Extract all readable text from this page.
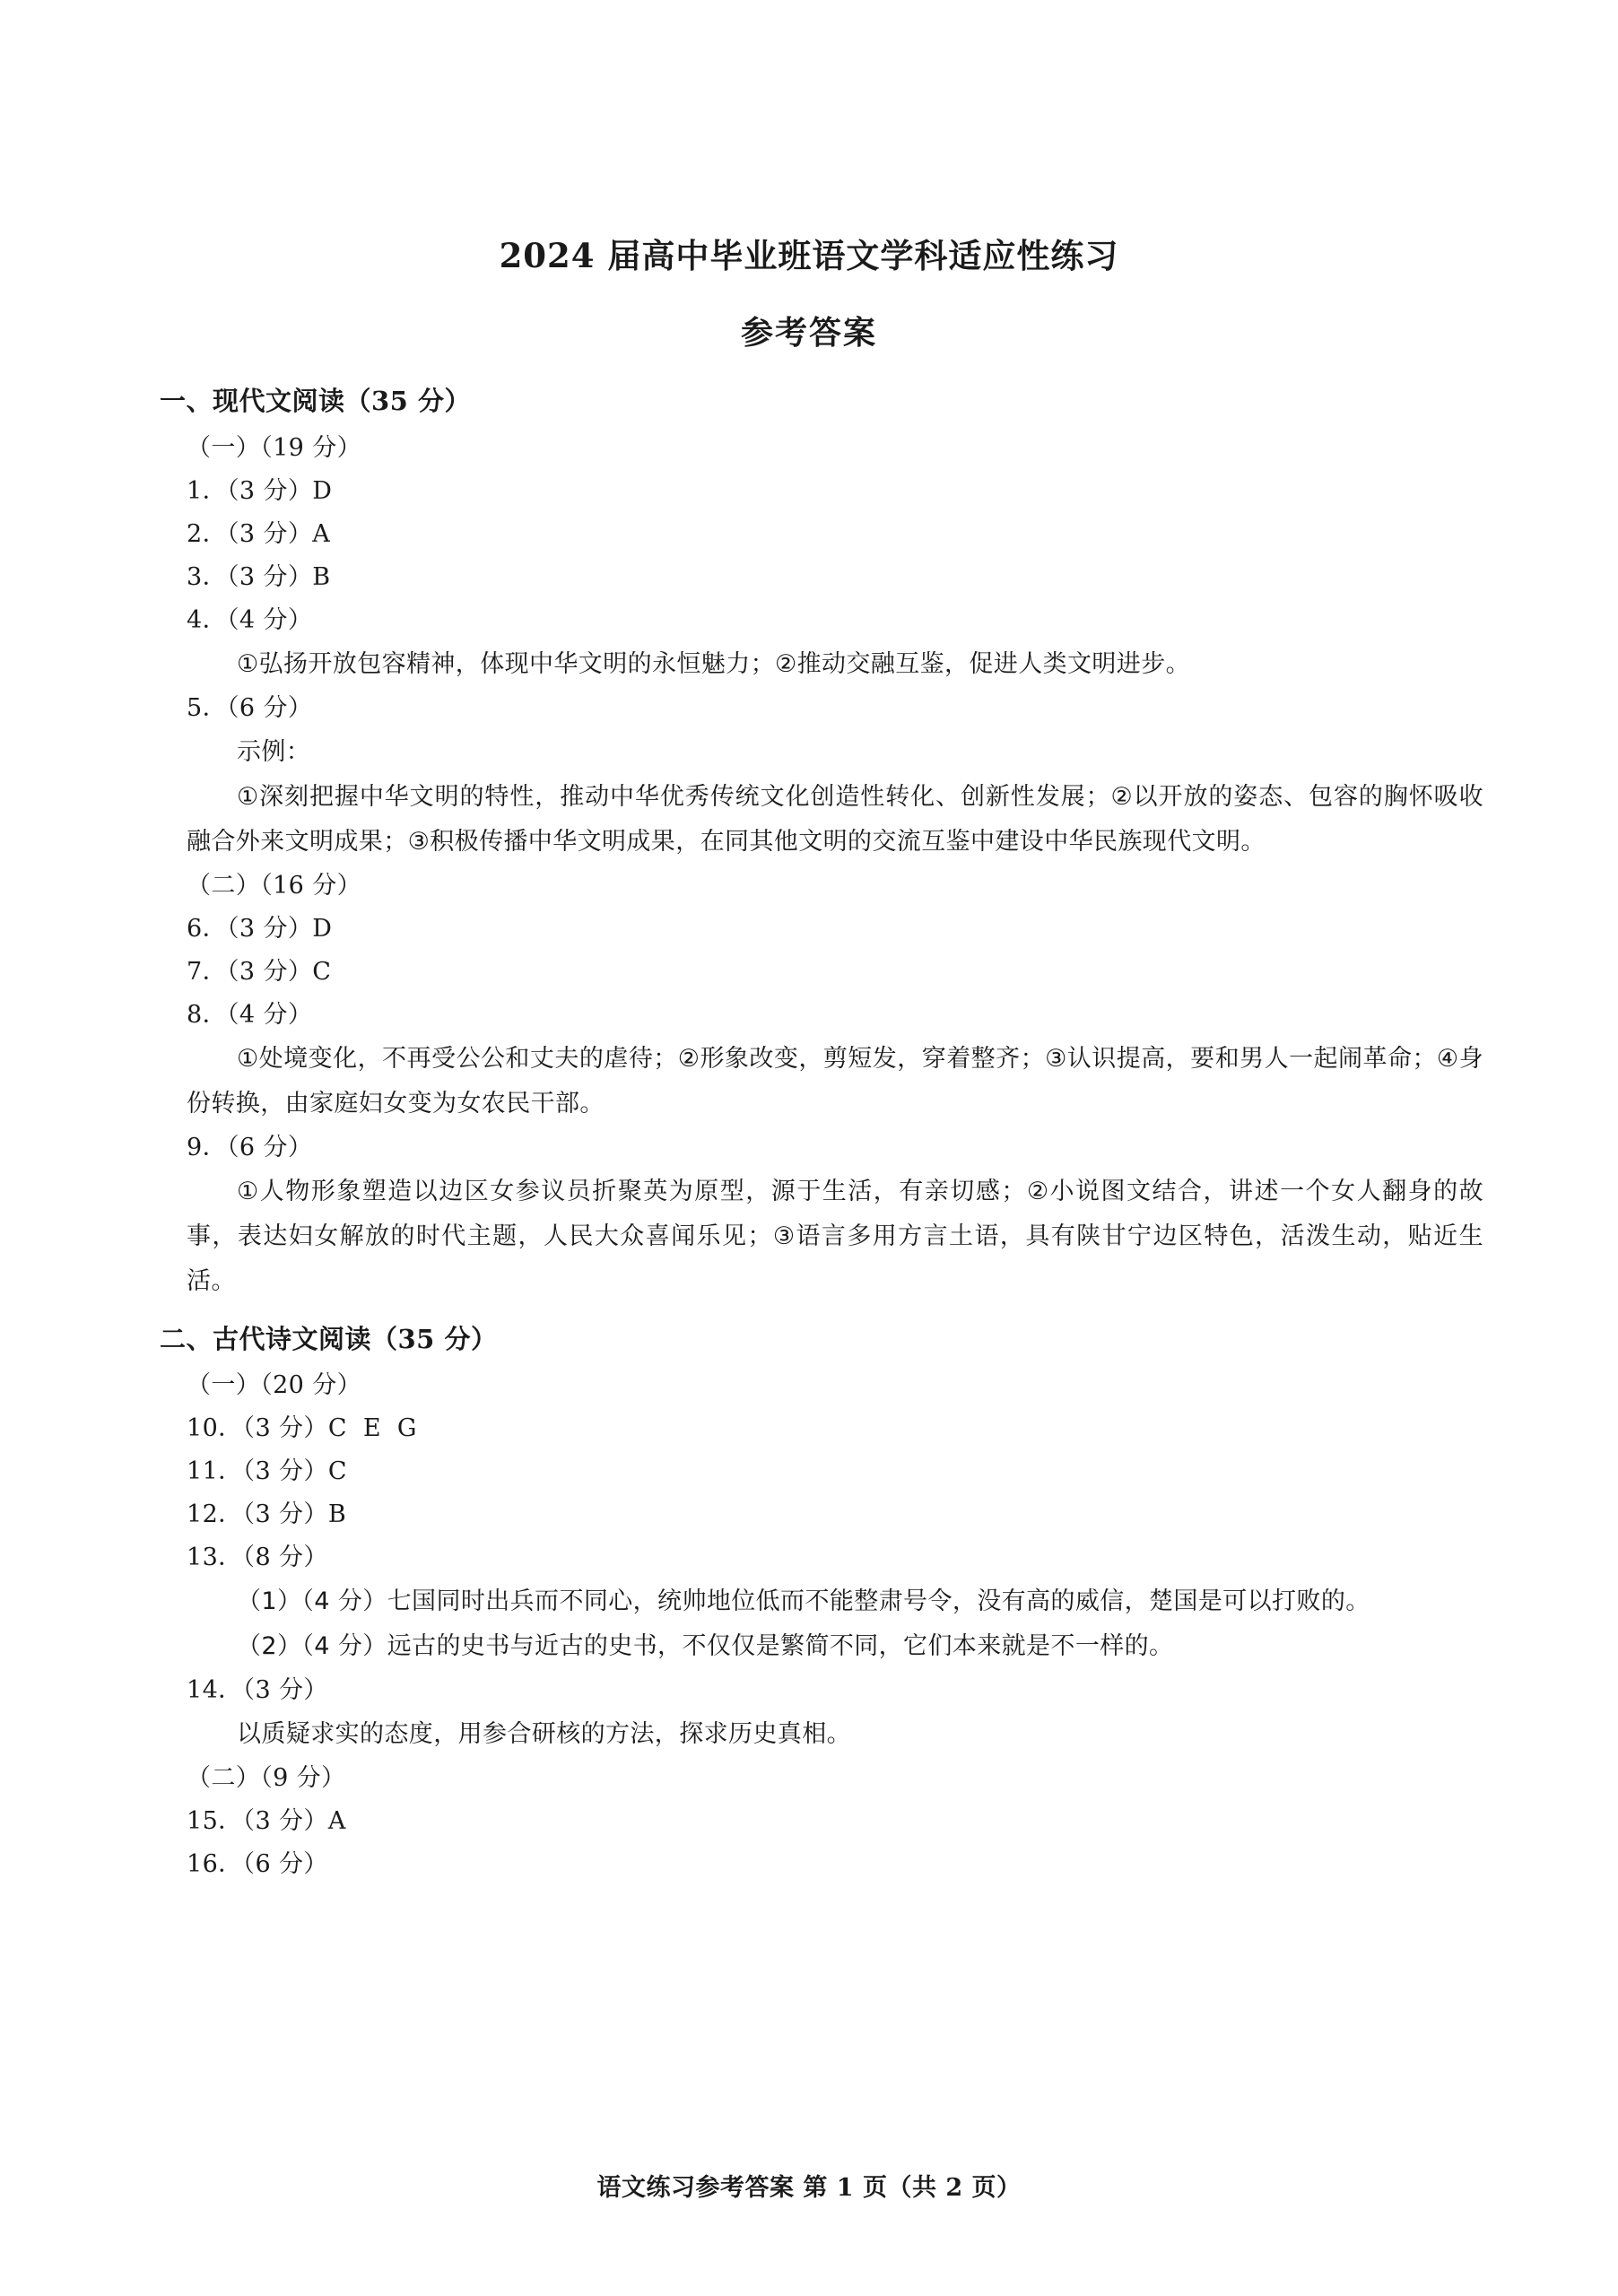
2024 届高中毕业班语文学科适应性练习
参考答案
一、现代文阅读（35 分）

（一）（19 分）

1．（3 分）D

2．（3 分）A

3．（3 分）B

4．（4 分）

①弘扬开放包容精神，体现中华文明的永恒魅力；②推动交融互鉴，促进人类文明进步。

5．（6 分）

示例：

①深刻把握中华文明的特性，推动中华优秀传统文化创造性转化、创新性发展；②以开放的姿态、包容的胸怀吸收融合外来文明成果；③积极传播中华文明成果，在同其他文明的交流互鉴中建设中华民族现代文明。

（二）（16 分）

6．（3 分）D

7．（3 分）C

8．（4 分）

①处境变化，不再受公公和丈夫的虐待；②形象改变，剪短发，穿着整齐；③认识提高，要和男人一起闹革命；④身份转换，由家庭妇女变为女农民干部。

9．（6 分）

①人物形象塑造以边区女参议员折聚英为原型，源于生活，有亲切感；②小说图文结合，讲述一个女人翻身的故事，表达妇女解放的时代主题，人民大众喜闻乐见；③语言多用方言土语，具有陕甘宁边区特色，活泼生动，贴近生活。

二、古代诗文阅读（35 分）

（一）（20 分）

10．（3 分）C  E  G

11．（3 分）C

12．（3 分）B

13．（8 分）

（1）（4 分）七国同时出兵而不同心，统帅地位低而不能整肃号令，没有高的威信，楚国是可以打败的。

（2）（4 分）远古的史书与近古的史书，不仅仅是繁简不同，它们本来就是不一样的。

14．（3 分）

以质疑求实的态度，用参合研核的方法，探求历史真相。

（二）（9 分）

15．（3 分）A

16．（6 分）

语文练习参考答案 第 1 页（共 2 页）
